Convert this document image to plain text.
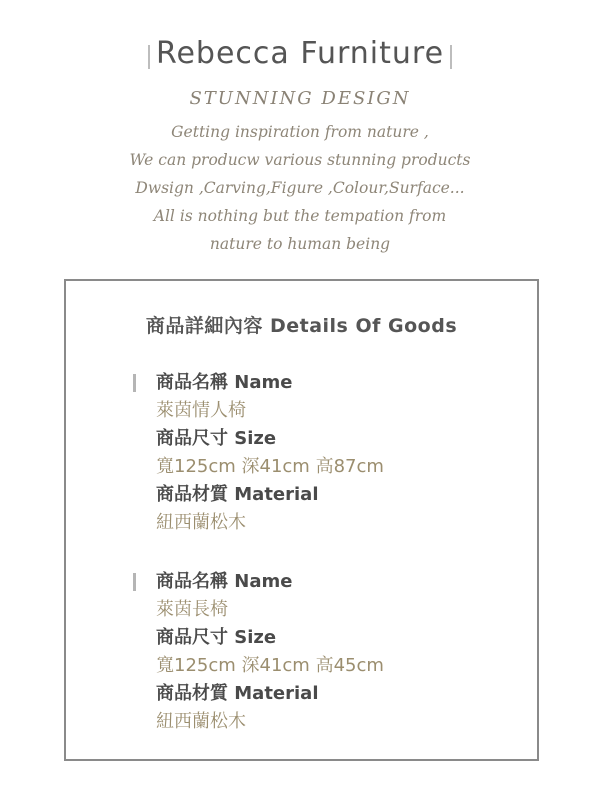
Rebecca Furniture
STUNNING DESIGN
Getting inspiration from nature ,
We can producw various stunning products
Dwsign ,Carving,Figure ,Colour,Surface...
All is nothing but the tempation from
nature to human being
商品詳細內容 Details Of Goods
商品名稱 Name
萊茵情人椅
商品尺寸 Size
寬125cm 深41cm 高87cm
商品材質 Material
紐西蘭松木
商品名稱 Name
萊茵長椅
商品尺寸 Size
寬125cm 深41cm 高45cm
商品材質 Material
紐西蘭松木
